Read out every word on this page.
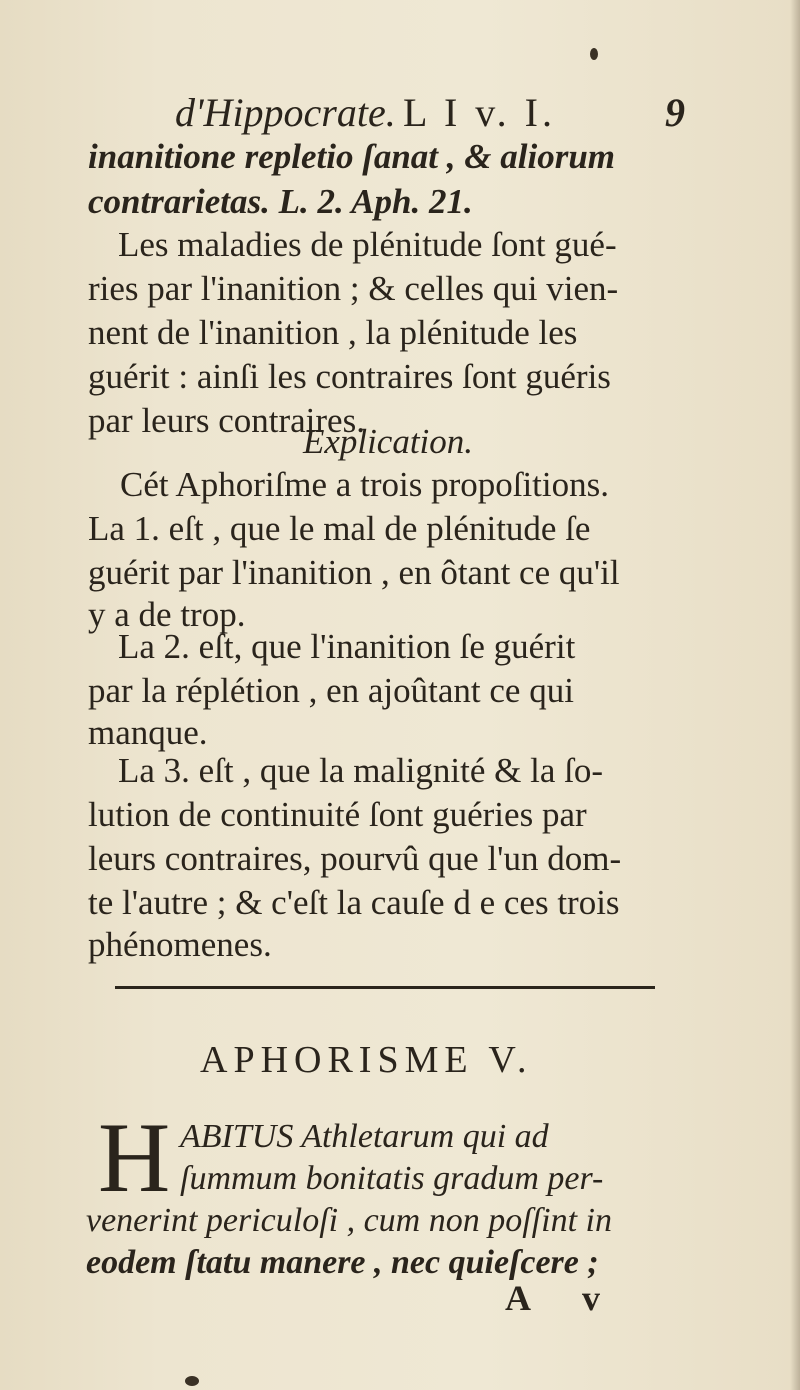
d'Hippocrate. L I v. I.	9
inanitione repletio ſanat , & aliorum
contrarietas. L. 2. Aph. 21.
Les maladies de plénitude ſont gué-
ries par l'inanition ; & celles qui vien-
nent de l'inanition , la plénitude les
guérit : ainſi les contraires ſont guéris
par leurs contraires.
Explication.
Cét Aphoriſme a trois propoſitions.
La 1. eſt , que le mal de plénitude ſe
guérit par l'inanition , en ôtant ce qu'il
y a de trop.
La 2. eſt, que l'inanition ſe guérit
par la réplétion , en ajoûtant ce qui
manque.
La 3. eſt , que la malignité & la ſo-
lution de continuité ſont guéries par
leurs contraires, pourvû que l'un dom-
te l'autre ; & c'eſt la cauſe d e ces trois
phénomenes.
APHORISME V.
H ABITUS Athletarum qui ad
ſummum bonitatis gradum per-
venerint periculoſi , cum non poſſint in
eodem ſtatu manere , nec quieſcere ;
A v
